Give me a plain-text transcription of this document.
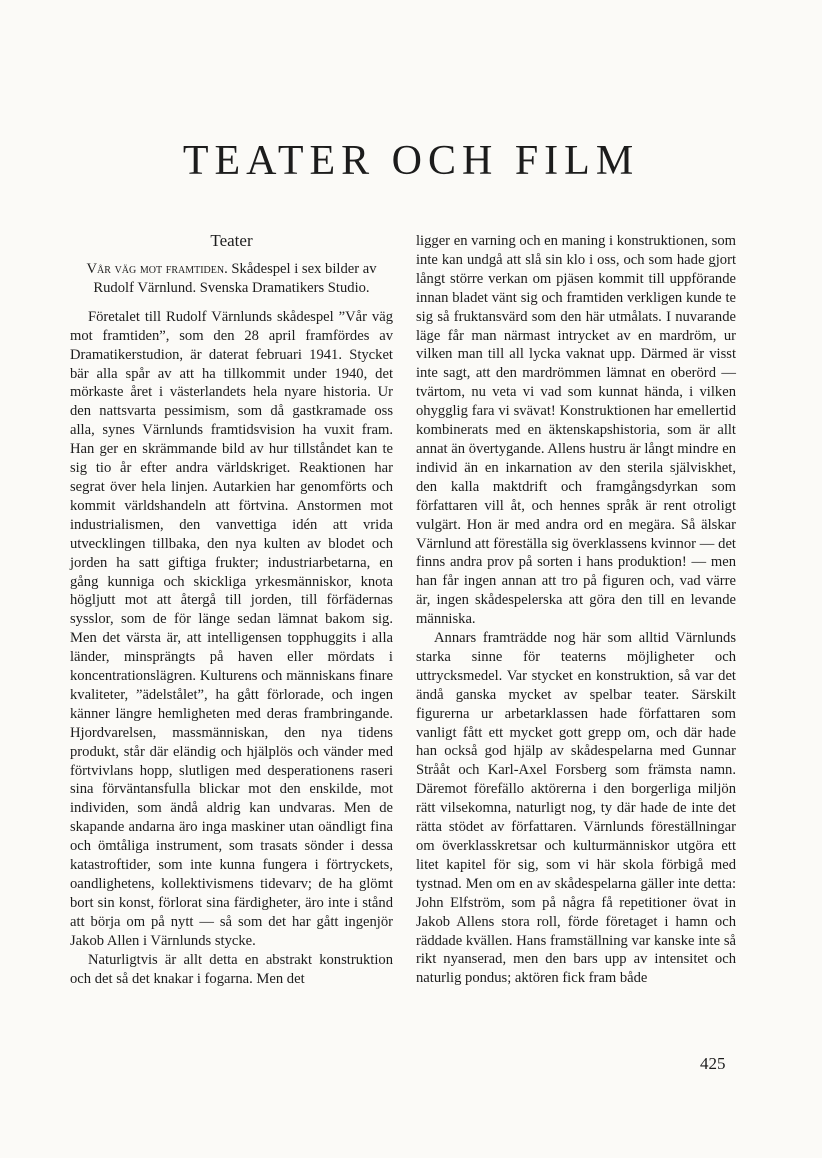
TEATER OCH FILM
Teater

Vår väg mot framtiden. Skådespel i sex bilder av Rudolf Värnlund. Svenska Dramatikers Studio.

Företalet till Rudolf Värnlunds skådespel ”Vår väg mot framtiden”, som den 28 april framfördes av Dramatikerstudion, är daterat februari 1941. Stycket bär alla spår av att ha tillkommit under 1940, det mörkaste året i västerlandets hela nyare historia. Ur den nattsvarta pessimism, som då gastkramade oss alla, synes Värnlunds framtidsvision ha vuxit fram. Han ger en skrämmande bild av hur tillståndet kan te sig tio år efter andra världskriget. Reaktionen har segrat över hela linjen. Autarkien har genomförts och kommit världshandeln att förtvina. Anstormen mot industrialismen, den vanvettiga idén att vrida utvecklingen tillbaka, den nya kulten av blodet och jorden ha satt giftiga frukter; industriarbetarna, en gång kunniga och skickliga yrkesmänniskor, knota högljutt mot att återgå till jorden, till förfädernas sysslor, som de för länge sedan lämnat bakom sig. Men det värsta är, att intelligensen topphuggits i alla länder, minsprängts på haven eller mördats i koncentrationslägren. Kulturens och människans finare kvaliteter, ”ädelstålet”, ha gått förlorade, och ingen känner längre hemligheten med deras frambringande. Hjordvarelsen, massmänniskan, den nya tidens produkt, står där eländig och hjälplös och vänder med förtvivlans hopp, slutligen med desperationens raseri sina förväntansfulla blickar mot den enskilde, mot individen, som ändå aldrig kan undvaras. Men de skapande andarna äro inga maskiner utan oändligt fina och ömtåliga instrument, som trasats sönder i dessa katastroftider, som inte kunna fungera i förtryckets, oandlighetens, kollektivismens tidevarv; de ha glömt bort sin konst, förlorat sina färdigheter, äro inte i stånd att börja om på nytt — så som det har gått ingenjör Jakob Allen i Värnlunds stycke.

Naturligtvis är allt detta en abstrakt konstruktion och det så det knakar i fogarna. Men det

ligger en varning och en maning i konstruktionen, som inte kan undgå att slå sin klo i oss, och som hade gjort långt större verkan om pjäsen kommit till uppförande innan bladet vänt sig och framtiden verkligen kunde te sig så fruktansvärd som den här utmålats. I nuvarande läge får man närmast intrycket av en mardröm, ur vilken man till all lycka vaknat upp. Därmed är visst inte sagt, att den mardrömmen lämnat en oberörd — tvärtom, nu veta vi vad som kunnat hända, i vilken ohygglig fara vi svävat! Konstruktionen har emellertid kombinerats med en äktenskapshistoria, som är allt annat än övertygande. Allens hustru är långt mindre en individ än en inkarnation av den sterila själviskhet, den kalla maktdrift och framgångsdyrkan som författaren vill åt, och hennes språk är rent otroligt vulgärt. Hon är med andra ord en megära. Så älskar Värnlund att föreställa sig överklassens kvinnor — det finns andra prov på sorten i hans produktion! — men han får ingen annan att tro på figuren och, vad värre är, ingen skådespelerska att göra den till en levande människa.

Annars framträdde nog här som alltid Värnlunds starka sinne för teaterns möjligheter och uttrycksmedel. Var stycket en konstruktion, så var det ändå ganska mycket av spelbar teater. Särskilt figurerna ur arbetarklassen hade författaren som vanligt fått ett mycket gott grepp om, och där hade han också god hjälp av skådespelarna med Gunnar Strååt och Karl-Axel Forsberg som främsta namn. Däremot förefällo aktörerna i den borgerliga miljön rätt vilsekomna, naturligt nog, ty där hade de inte det rätta stödet av författaren. Värnlunds föreställningar om överklasskretsar och kulturmänniskor utgöra ett litet kapitel för sig, som vi här skola förbigå med tystnad. Men om en av skådespelarna gäller inte detta: John Elfström, som på några få repetitioner övat in Jakob Allens stora roll, förde företaget i hamn och räddade kvällen. Hans framställning var kanske inte så rikt nyanserad, men den bars upp av intensitet och naturlig pondus; aktören fick fram både

425
